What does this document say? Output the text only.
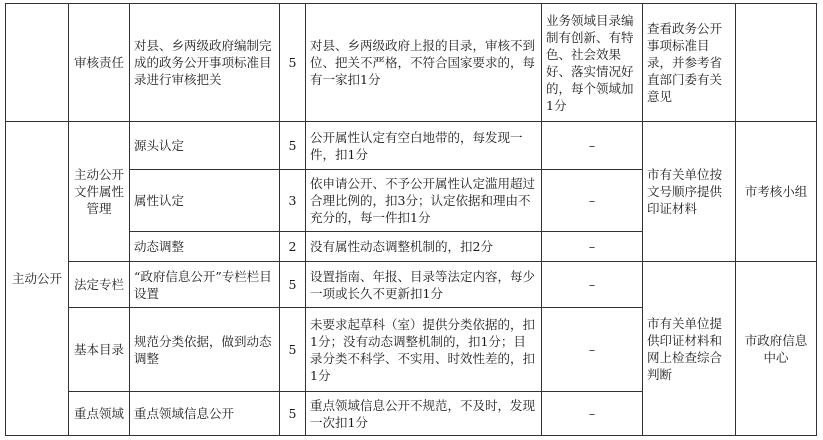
	审核责任	对县、乡两级政府编制完成的政务公开事项标准目录进行审核把关	5	对县、乡两级政府上报的目录，审核不到位、把关不严格，不符合国家要求的，每有一家扣1分	业务领域目录编制有创新、有特色、社会效果好、落实情况好的，每个领域加1分	查看政务公开事项标准目录，并参考省直部门委有关意见	
主动公开	主动公开文件属性管理	源头认定	5	公开属性认定有空白地带的，每发现一件，扣1分	–	市有关单位按文号顺序提供印证材料	市考核小组
		属性认定	3	依申请公开、不予公开属性认定滥用超过合理比例的，扣3分；认定依据和理由不充分的，每一件扣1分	–		
		动态调整	2	没有属性动态调整机制的，扣2分	–		
	法定专栏	“政府信息公开”专栏栏目设置	5	设置指南、年报、目录等法定内容，每少一项或长久不更新扣1分	–	市有关单位提供印证材料和网上检查综合判断	市政府信息中心
	基本目录	规范分类依据，做到动态调整	5	未要求起草科（室）提供分类依据的，扣1分；没有动态调整机制的，扣1分；目录分类不科学、不实用、时效性差的，扣1分	–		
	重点领域	重点领域信息公开	5	重点领域信息公开不规范，不及时，发现一次扣1分	–		
